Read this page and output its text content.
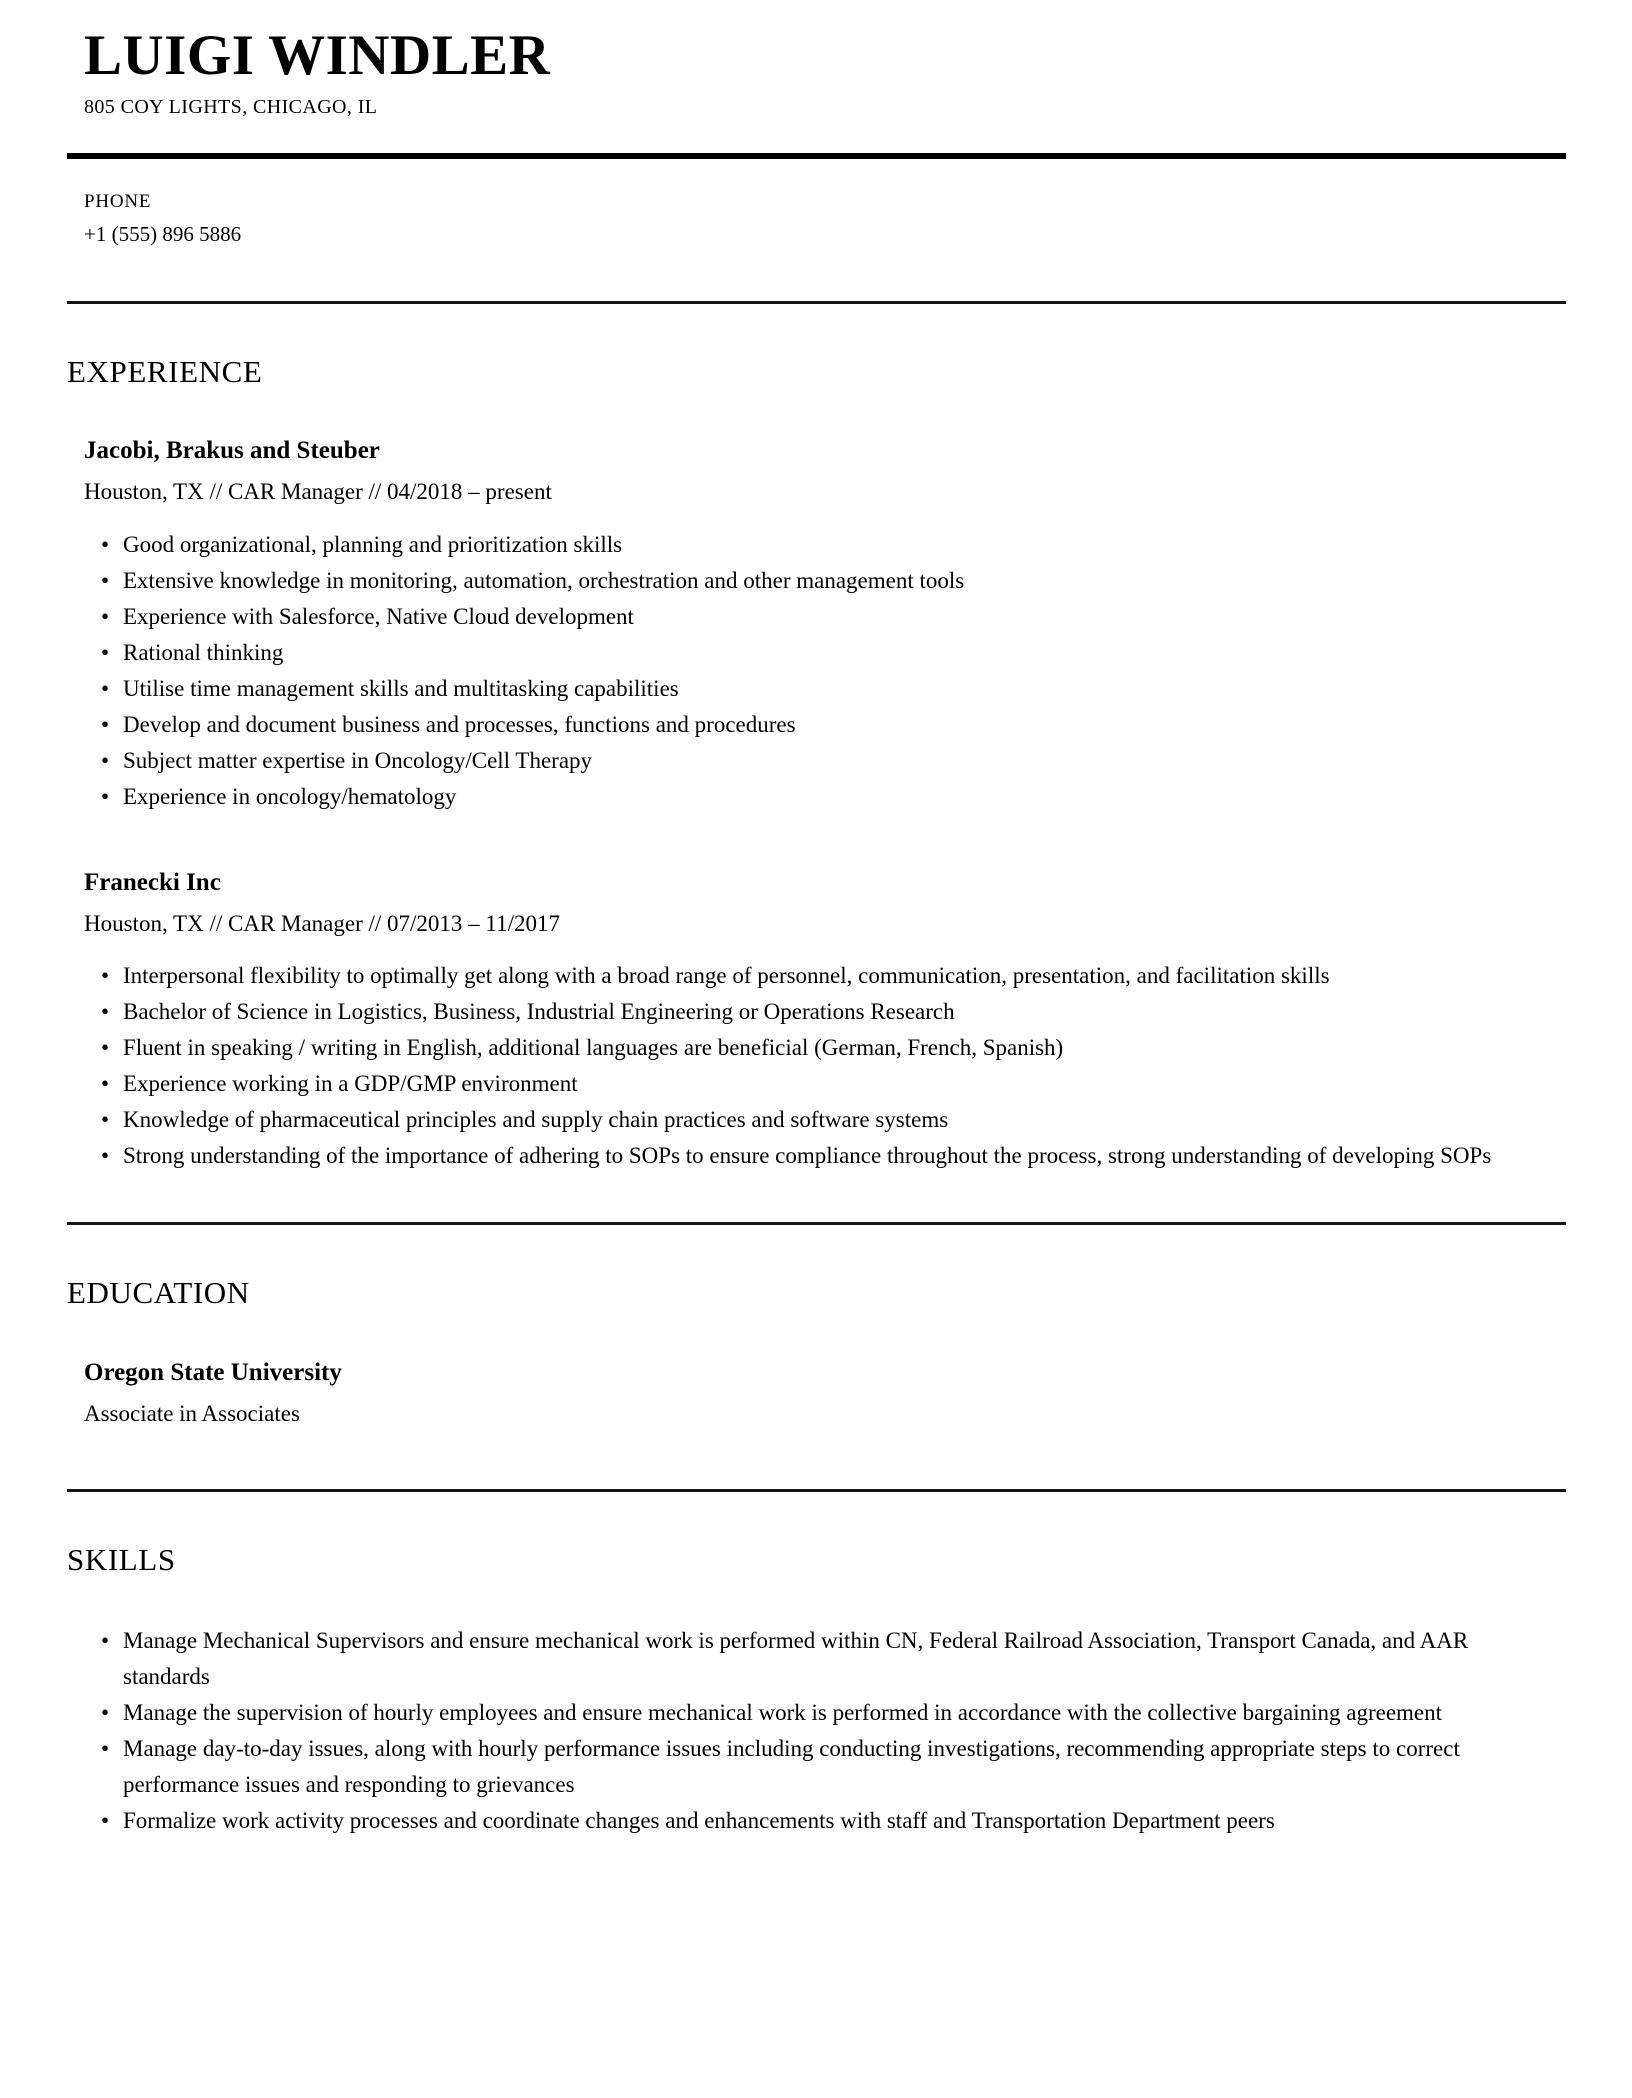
LUIGI WINDLER
805 COY LIGHTS, CHICAGO, IL
PHONE
+1 (555) 896 5886
EXPERIENCE
Jacobi, Brakus and Steuber
Houston, TX // CAR Manager // 04/2018 – present
• Good organizational, planning and prioritization skills
• Extensive knowledge in monitoring, automation, orchestration and other management tools
• Experience with Salesforce, Native Cloud development
• Rational thinking
• Utilise time management skills and multitasking capabilities
• Develop and document business and processes, functions and procedures
• Subject matter expertise in Oncology/Cell Therapy
• Experience in oncology/hematology
Franecki Inc
Houston, TX // CAR Manager // 07/2013 – 11/2017
• Interpersonal flexibility to optimally get along with a broad range of personnel, communication, presentation, and facilitation skills
• Bachelor of Science in Logistics, Business, Industrial Engineering or Operations Research
• Fluent in speaking / writing in English, additional languages are beneficial (German, French, Spanish)
• Experience working in a GDP/GMP environment
• Knowledge of pharmaceutical principles and supply chain practices and software systems
• Strong understanding of the importance of adhering to SOPs to ensure compliance throughout the process, strong understanding of developing SOPs
EDUCATION
Oregon State University
Associate in Associates
SKILLS
• Manage Mechanical Supervisors and ensure mechanical work is performed within CN, Federal Railroad Association, Transport Canada, and AAR standards
• Manage the supervision of hourly employees and ensure mechanical work is performed in accordance with the collective bargaining agreement
• Manage day-to-day issues, along with hourly performance issues including conducting investigations, recommending appropriate steps to correct performance issues and responding to grievances
• Formalize work activity processes and coordinate changes and enhancements with staff and Transportation Department peers
